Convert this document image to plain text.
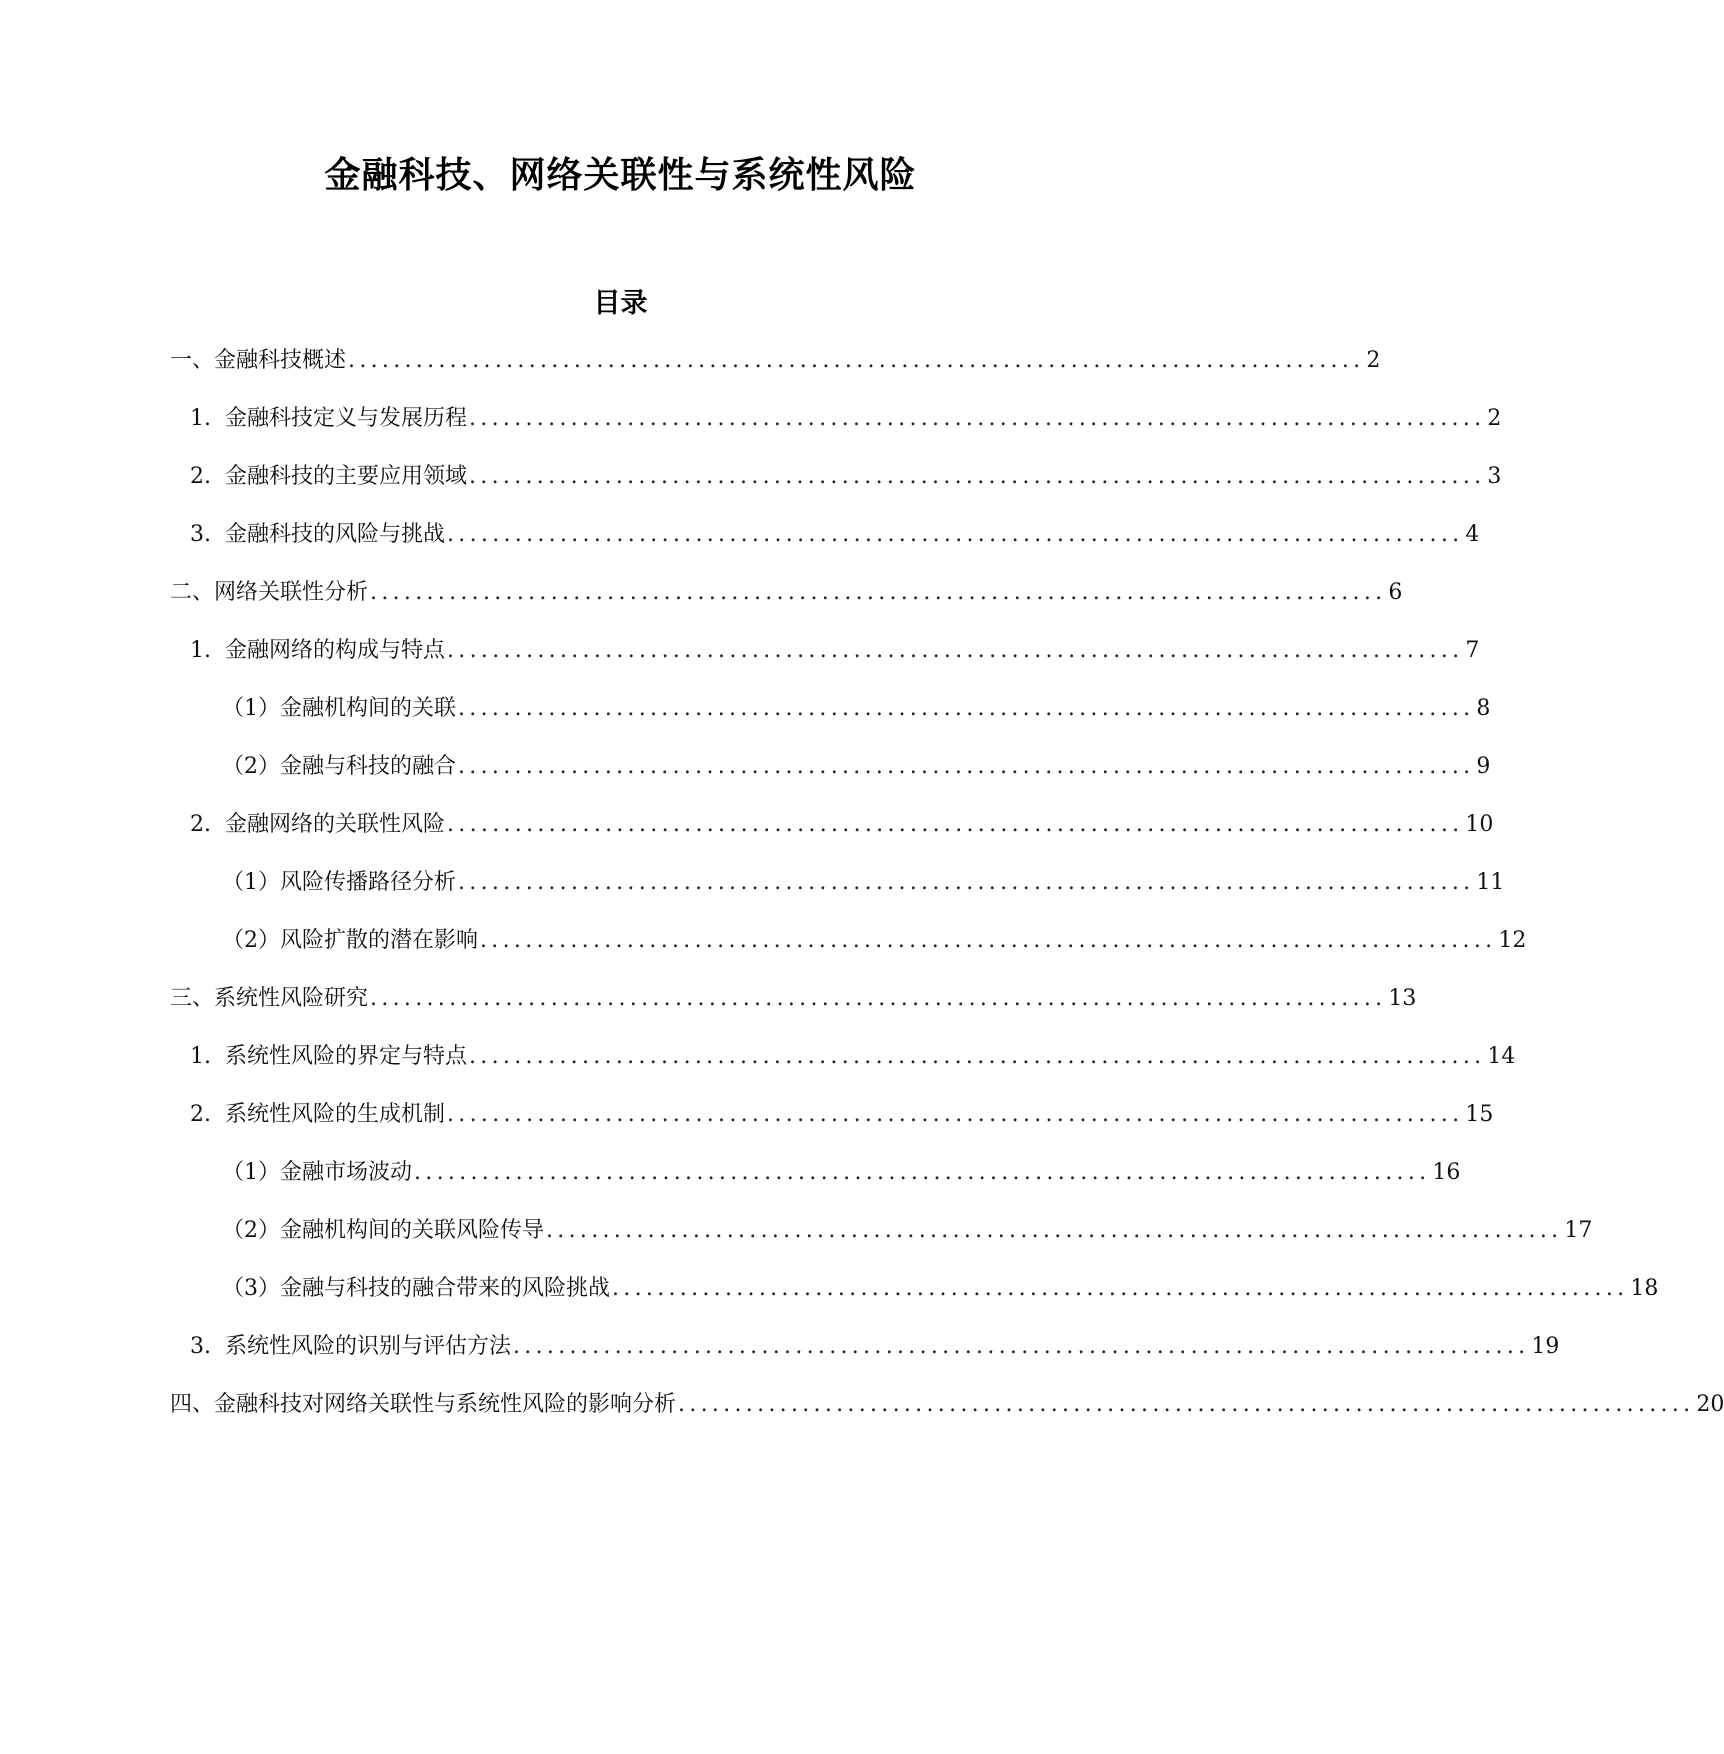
金融科技、网络关联性与系统性风险
目录
一、 金融科技概述 .......................................................................................... 2
1. 金融科技定义与发展历程 .......................................................................................... 2
2. 金融科技的主要应用领域 .......................................................................................... 3
3. 金融科技的风险与挑战 .......................................................................................... 4
二、 网络关联性分析 .......................................................................................... 6
1. 金融网络的构成与特点 .......................................................................................... 7
（1） 金融机构间的关联 .......................................................................................... 8
（2） 金融与科技的融合 .......................................................................................... 9
2. 金融网络的关联性风险 .......................................................................................... 10
（1） 风险传播路径分析 .......................................................................................... 11
（2） 风险扩散的潜在影响 .......................................................................................... 12
三、 系统性风险研究 .......................................................................................... 13
1. 系统性风险的界定与特点 .......................................................................................... 14
2. 系统性风险的生成机制 .......................................................................................... 15
（1） 金融市场波动 .......................................................................................... 16
（2） 金融机构间的关联风险传导 .......................................................................................... 17
（3） 金融与科技的融合带来的风险挑战 .......................................................................................... 18
3. 系统性风险的识别与评估方法 .......................................................................................... 19
四、 金融科技对网络关联性与系统性风险的影响分析 .......................................................................................... 20
